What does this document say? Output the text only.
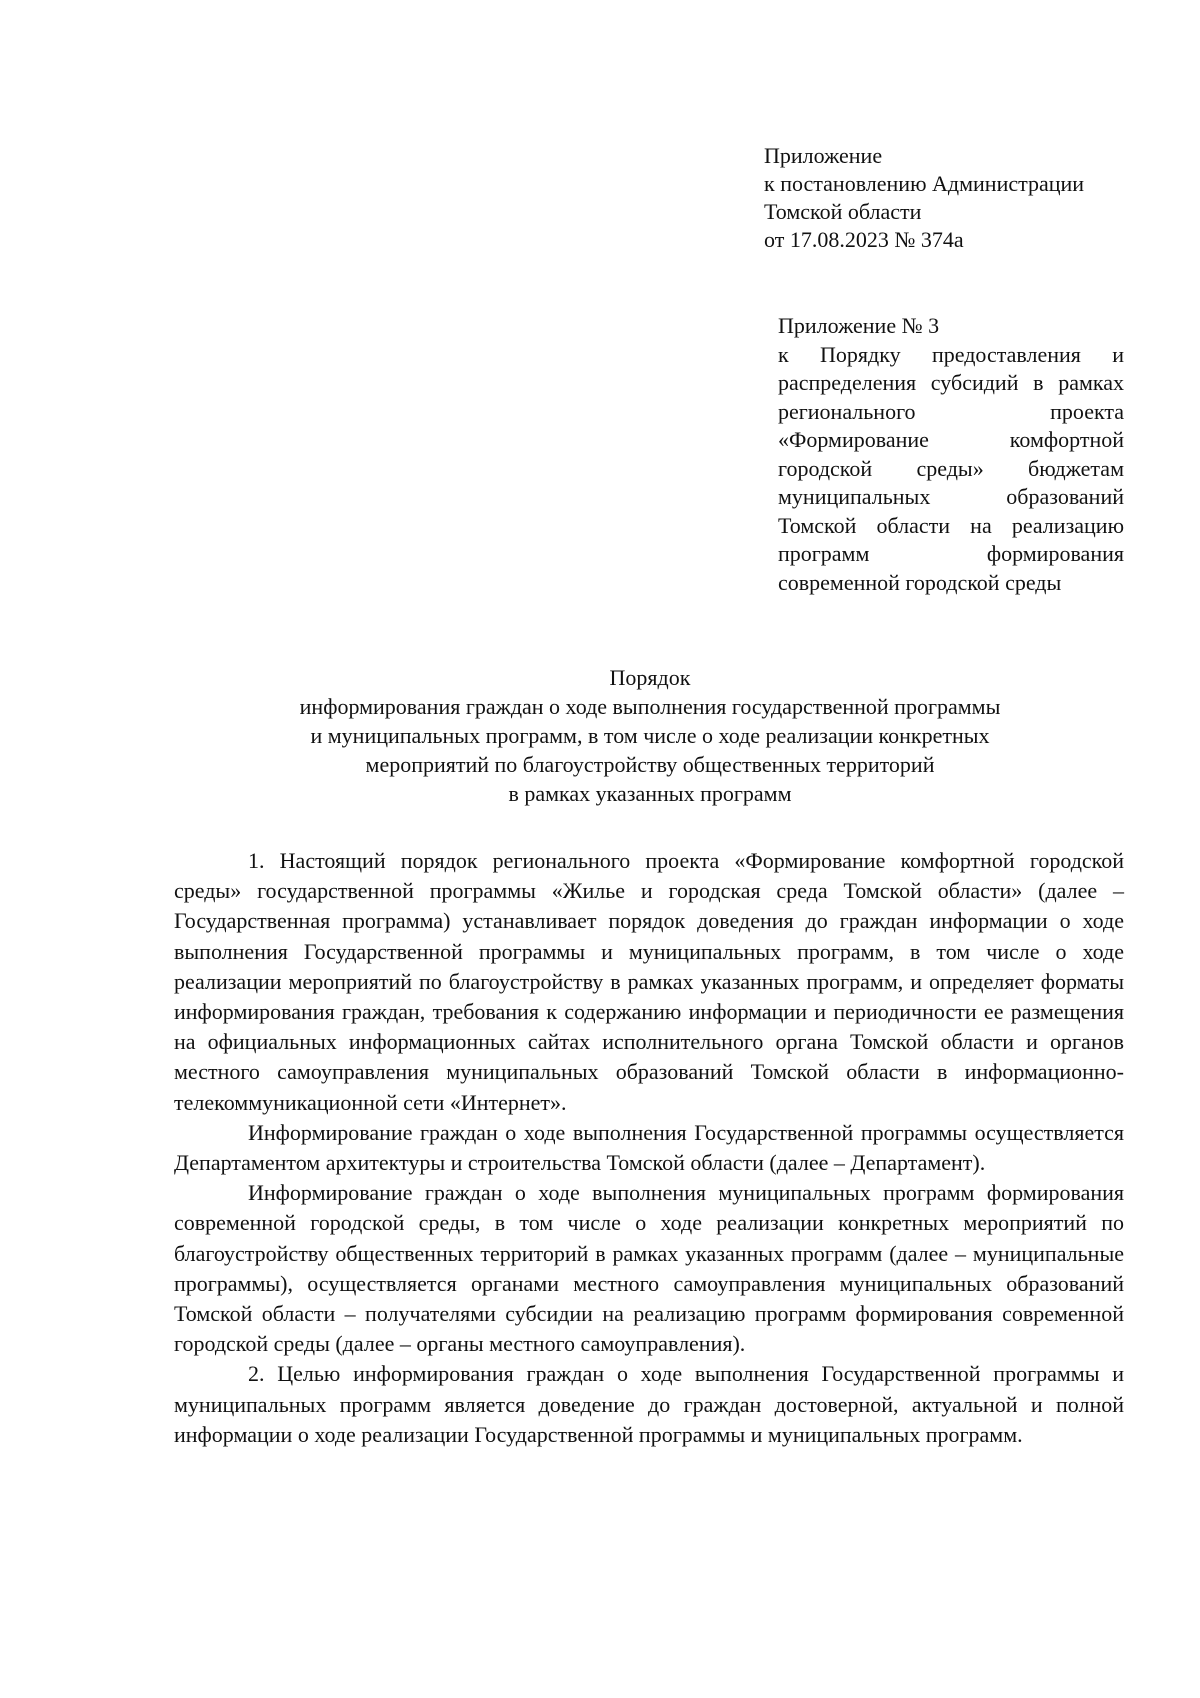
Приложение
к постановлению Администрации
Томской области
от 17.08.2023 № 374а
Приложение № 3
к Порядку предоставления и распределения субсидий в рамках регионального проекта «Формирование комфортной городской среды» бюджетам муниципальных образований Томской области на реализацию программ формирования современной городской среды
Порядок
информирования граждан о ходе выполнения государственной программы
и муниципальных программ, в том числе о ходе реализации конкретных
мероприятий по благоустройству общественных территорий
в рамках указанных программ

1. Настоящий порядок регионального проекта «Формирование комфортной городской среды» государственной программы «Жилье и городская среда Томской области» (далее – Государственная программа) устанавливает порядок доведения до граждан информации о ходе выполнения Государственной программы и муниципальных программ, в том числе о ходе реализации мероприятий по благоустройству в рамках указанных программ, и определяет форматы информирования граждан, требования к содержанию информации и периодичности ее размещения на официальных информационных сайтах исполнительного органа Томской области и органов местного самоуправления муниципальных образований Томской области в информационно-телекоммуникационной сети «Интернет».

Информирование граждан о ходе выполнения Государственной программы осуществляется Департаментом архитектуры и строительства Томской области (далее – Департамент).

Информирование граждан о ходе выполнения муниципальных программ формирования современной городской среды, в том числе о ходе реализации конкретных мероприятий по благоустройству общественных территорий в рамках указанных программ (далее – муниципальные программы), осуществляется органами местного самоуправления муниципальных образований Томской области – получателями субсидии на реализацию программ формирования современной городской среды (далее – органы местного самоуправления).

2. Целью информирования граждан о ходе выполнения Государственной программы и муниципальных программ является доведение до граждан достоверной, актуальной и полной информации о ходе реализации Государственной программы и муниципальных программ.
